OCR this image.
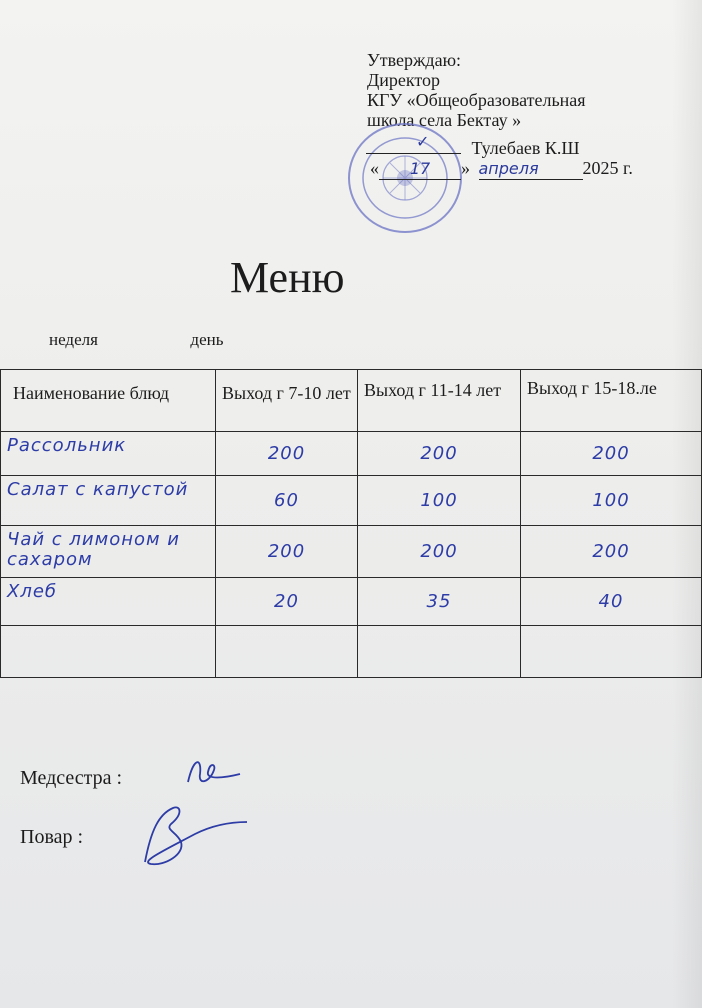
Утверждаю:
Директор
КГУ «Общеобразовательная
школа села Бектау »
✓ Тулебаев К.Ш
« 17 » апреля 2025 г.
Меню
неделя	день
Наименование блюд	Выход г 7-10 лет	Выход г 11-14 лет	Выход г 15-18.ле
Рассольник	200	200	200
Салат с капустой	60	100	100
Чай с лимоном и сахаром	200	200	200
Хлеб	20	35	40

Медсестра :
Повар :
